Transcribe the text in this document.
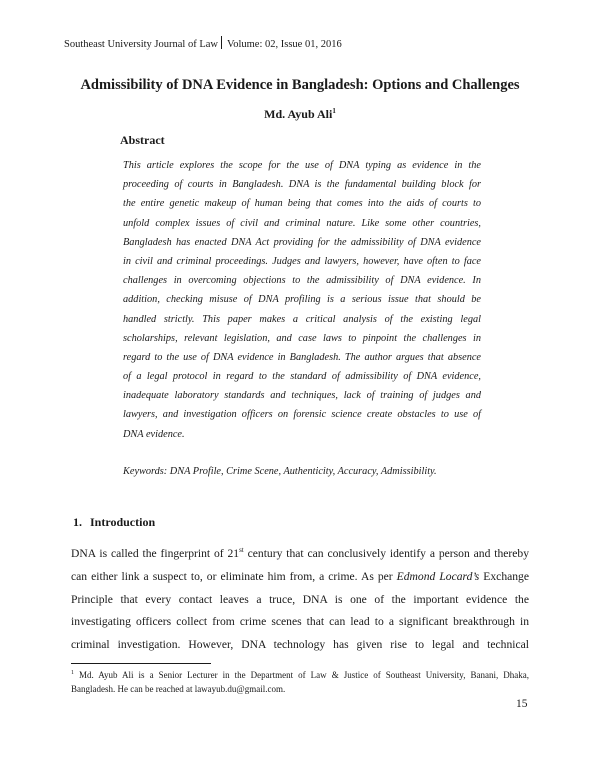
Southeast University Journal of Law Volume: 02, Issue 01, 2016
Admissibility of DNA Evidence in Bangladesh: Options and Challenges
Md. Ayub Ali$^1$
Abstract
This article explores the scope for the use of DNA typing as evidence in the
proceeding of courts in Bangladesh. DNA is the fundamental building block for
the entire genetic makeup of human being that comes into the aids of courts to
unfold complex issues of civil and criminal nature. Like some other countries,
Bangladesh has enacted DNA Act providing for the admissibility of DNA evidence
in civil and criminal proceedings. Judges and lawyers, however, have often to face
challenges in overcoming objections to the admissibility of DNA evidence. In
addition, checking misuse of DNA profiling is a serious issue that should be
handled strictly. This paper makes a critical analysis of the existing legal
scholarships, relevant legislation, and case laws to pinpoint the challenges in
regard to the use of DNA evidence in Bangladesh. The author argues that absence
of a legal protocol in regard to the standard of admissibility of DNA evidence,
inadequate laboratory standards and techniques, lack of training of judges and
lawyers, and investigation officers on forensic science create obstacles to use of
DNA evidence.
Keywords: DNA Profile, Crime Scene, Authenticity, Accuracy, Admissibility.
1. Introduction
DNA is called the fingerprint of 21st century that can conclusively identify a person and thereby
can either link a suspect to, or eliminate him from, a crime. As per Edmond Locard’s Exchange
Principle that every contact leaves a truce, DNA is one of the important evidence the
investigating officers collect from crime scenes that can lead to a significant breakthrough in
criminal investigation. However, DNA technology has given rise to legal and technical
$^1$ Md. Ayub Ali is a Senior Lecturer in the Department of Law & Justice of Southeast University, Banani, Dhaka,
Bangladesh. He can be reached at lawayub.du@gmail.com.
15
